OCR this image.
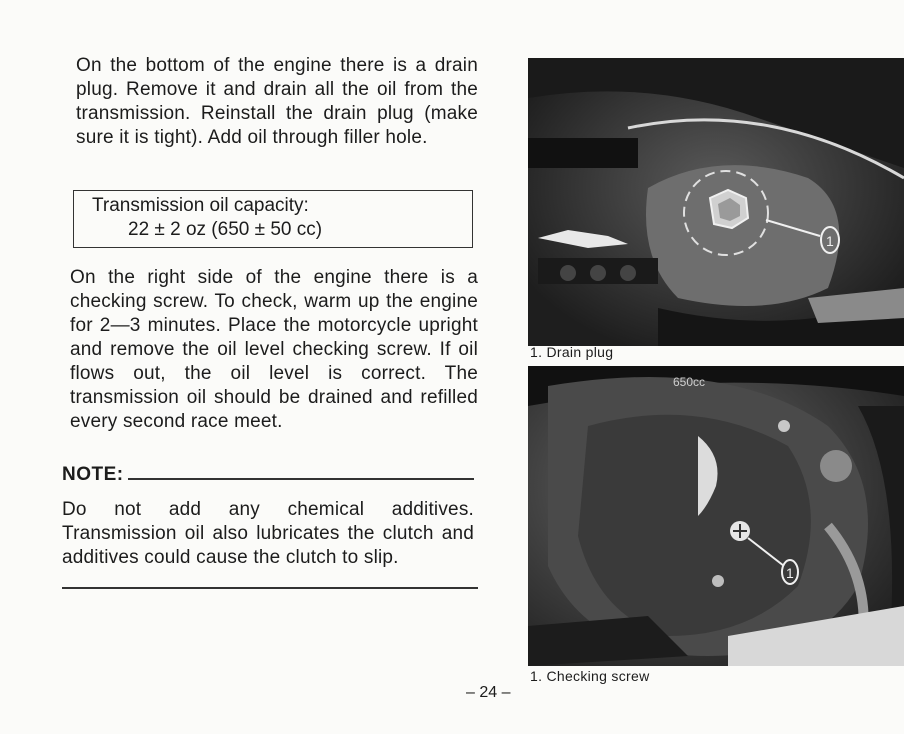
On the bottom of the engine there is a drain plug. Remove it and drain all the oil from the transmission. Reinstall the drain plug (make sure it is tight). Add oil through filler hole.

Transmission oil capacity:
22 ± 2 oz (650 ± 50 cc)

On the right side of the engine there is a checking screw. To check, warm up the engine for 2—3 minutes. Place the motorcycle upright and remove the oil level checking screw. If oil flows out, the oil level is correct. The transmission oil should be drained and refilled every second race meet.

NOTE:

Do not add any chemical additives. Transmission oil also lubricates the clutch and additives could cause the clutch to slip.

1
1. Drain plug
650cc
1
1. Checking screw
– 24 –
